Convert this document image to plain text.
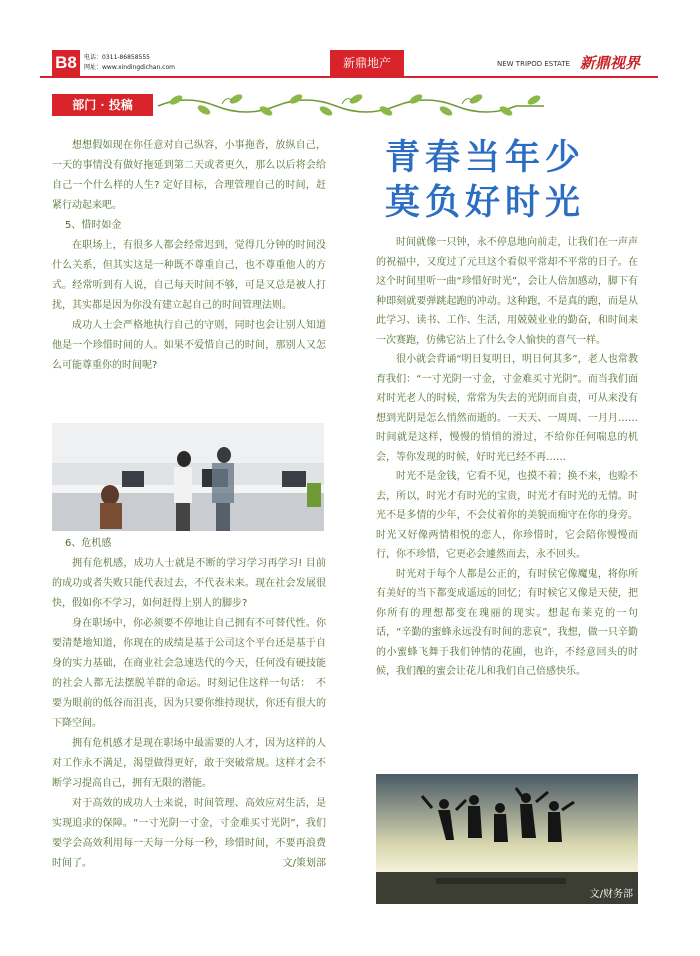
B8	电话：0311-86858555
网址：www.xindingdichan.com	新鼎地产	NEW TRIPOD ESTATE 新鼎视界
部门 · 投稿

想想假如现在你任意对自己纵容，小事拖沓，放纵自己，一天的事情没有做好拖延到第二天或者更久，那么以后将会给自己一个什么样的人生? 定好目标，合理管理自己的时间，赶紧行动起来吧。

5、惜时如金

在职场上，有很多人都会经常迟到，觉得几分钟的时间没什么关系，但其实这是一种既不尊重自己，也不尊重他人的方式。经常听到有人说，自己每天时间不够，可是又总是被人打扰，其实都是因为你没有建立起自己的时间管理法则。

成功人士会严格地执行自己的守则，同时也会让别人知道他是一个珍惜时间的人。如果不爱惜自己的时间，那别人又怎么可能尊重你的时间呢?

6、危机感

拥有危机感，成功人士就是不断的学习学习再学习! 目前的成功或者失败只能代表过去，不代表未来。现在社会发展很快，假如你不学习，如何赶得上别人的脚步?

身在职场中，你必须要不停地让自己拥有不可替代性。你要清楚地知道，你现在的成绩是基于公司这个平台还是基于自身的实力基础，在商业社会急速迭代的今天，任何没有硬技能的社会人都无法摆脱羊群的命运。时刻记住这样一句话：　不要为眼前的低谷而沮丧，因为只要你维持现状，你还有很大的下降空间。

拥有危机感才是现在职场中最需要的人才，因为这样的人对工作永不满足，渴望做得更好，敢于突破常规。这样才会不断学习提高自己，拥有无限的潜能。

对于高效的成功人士来说，时间管理、高效应对生活，是实现追求的保障。“一寸光阴一寸金，寸金难买寸光阴”，我们要学会高效利用每一天每一分每一秒，珍惜时间，不要再浪费时间了。	文/策划部

青春当年少
莫负好时光

时间就像一只钟，永不停息地向前走，让我们在一声声的祝福中，又度过了元旦这个看似平常却不平常的日子。在这个时间里听一曲“珍惜好时光”，会让人倍加感动，脚下有种即刻就要弹跳起跑的冲动。这种跑，不是真的跑，而是从此学习、读书、工作、生活，用兢兢业业的勤奋，和时间来一次赛跑，仿佛它沾上了什么令人愉快的喜气一样。

很小就会背诵“明日复明日，明日何其多”，老人也常教育我们：“一寸光阴一寸金，寸金难买寸光阴”。而当我们面对时光老人的时候，常常为失去的光阴而自责，可从来没有想到光阴是怎么悄然而逝的。一天天、一周周、一月月……时间就是这样，慢慢的悄悄的滑过，不给你任何喘息的机会，等你发现的时候，好时光已经不再……

时光不是金钱，它看不见，也摸不着；换不来，也赊不去，所以，时光才有时光的宝贵，时光才有时光的无情。时光不是多情的少年，不会仗着你的美貌而痴守在你的身旁。时光又好像两情相悦的恋人，你珍惜时，它会陪你慢慢而行，你不珍惜，它更必会遽然而去，永不回头。

时光对于每个人都是公正的，有时侯它像魔鬼，将你所有美好的当下都变成遥远的回忆；有时候它又像是天使，把你所有的理想都变在瑰丽的现实。想起布莱克的一句话，“辛勤的蜜蜂永远没有时间的悲哀”，我想，做一只辛勤的小蜜蜂飞舞于我们钟情的花圃，也许，不经意回头的时候，我们酿的蜜会让花儿和我们自己倍感快乐。

文/财务部
